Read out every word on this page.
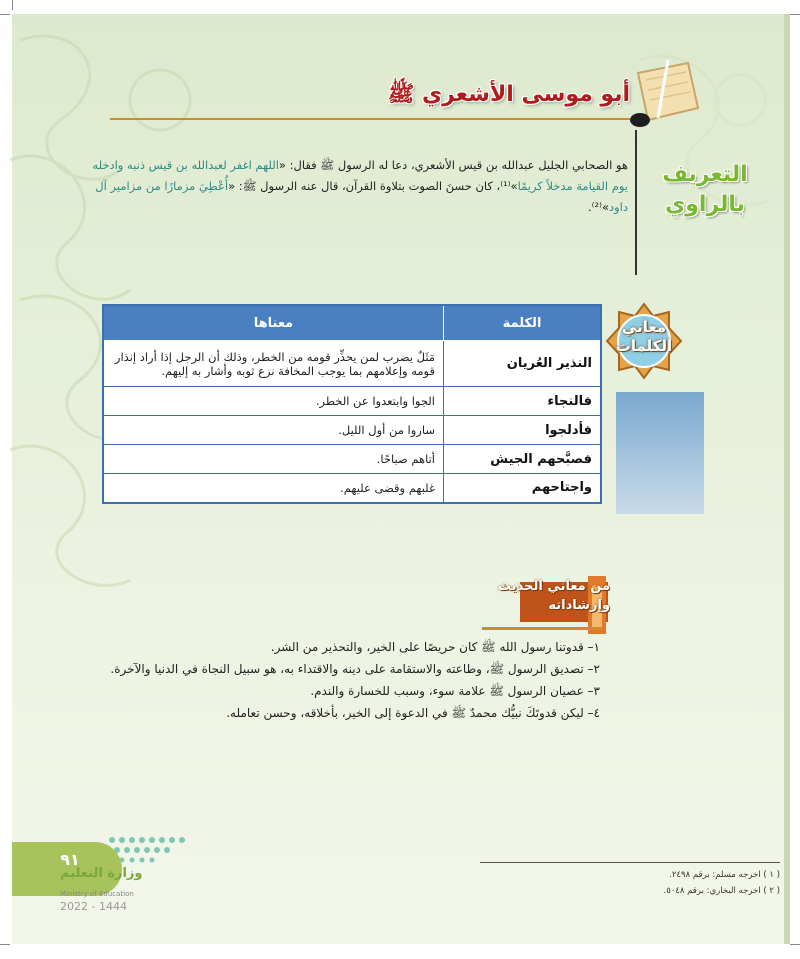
أبو موسى الأشعري ﷺ
التعريف
بالراوي
هو الصحابي الجليل عبدالله بن قيس الأشعري، دعا له الرسول ﷺ فقال: «اللهم اغفر لعبدالله بن قيس ذنبه وادخله يوم القيامة مدخلاً كريمًا»⁽¹⁾، كان حسنَ الصوت بتلاوة القرآن، قال عنه الرسول ﷺ: «أُعْطِيَ مزمارًا من مزامير آل داود»⁽²⁾.
معاني
الكلمات
الكلمة	معناها
النذير العُريان	مَثَلٌ يضرب لمن يحذِّر قومه من الخطر، وذلك أن الرجل إذا أراد إنذار قومه وإعلامهم بما يوجب المخافة نزع ثوبه وأشار به إليهم.
فالنجاء	الجوا وابتعدوا عن الخطر.
فأدلجوا	ساروا من أول الليل.
فصبَّحهم الجيش	أتاهم صباحًا.
واجتاحهم	غلبهم وقضى عليهم.
من معاني الحديث
وإرشاداته
١– قدوتنا رسول الله ﷺ كان حريصًا على الخير، والتحذير من الشر.
٢– تصديق الرسول ﷺ، وطاعته والاستقامة على دينه والاقتداء به، هو سبيل النجاة في الدنيا والآخرة.
٣– عصيان الرسول ﷺ علامة سوء، وسبب للخسارة والندم.
٤– ليكن قدوتَكَ نبيُّك محمدٌ ﷺ في الدعوة إلى الخير، بأخلاقه، وحسن تعامله.
٩١
وزارة التعليم
Ministry of Education
2022 - 1444
( ١ ) اخرجه مسلم: برقم ٢٤٩٨.
( ٢ ) اخرجه البخاري: برقم ٥٠٤٨.
